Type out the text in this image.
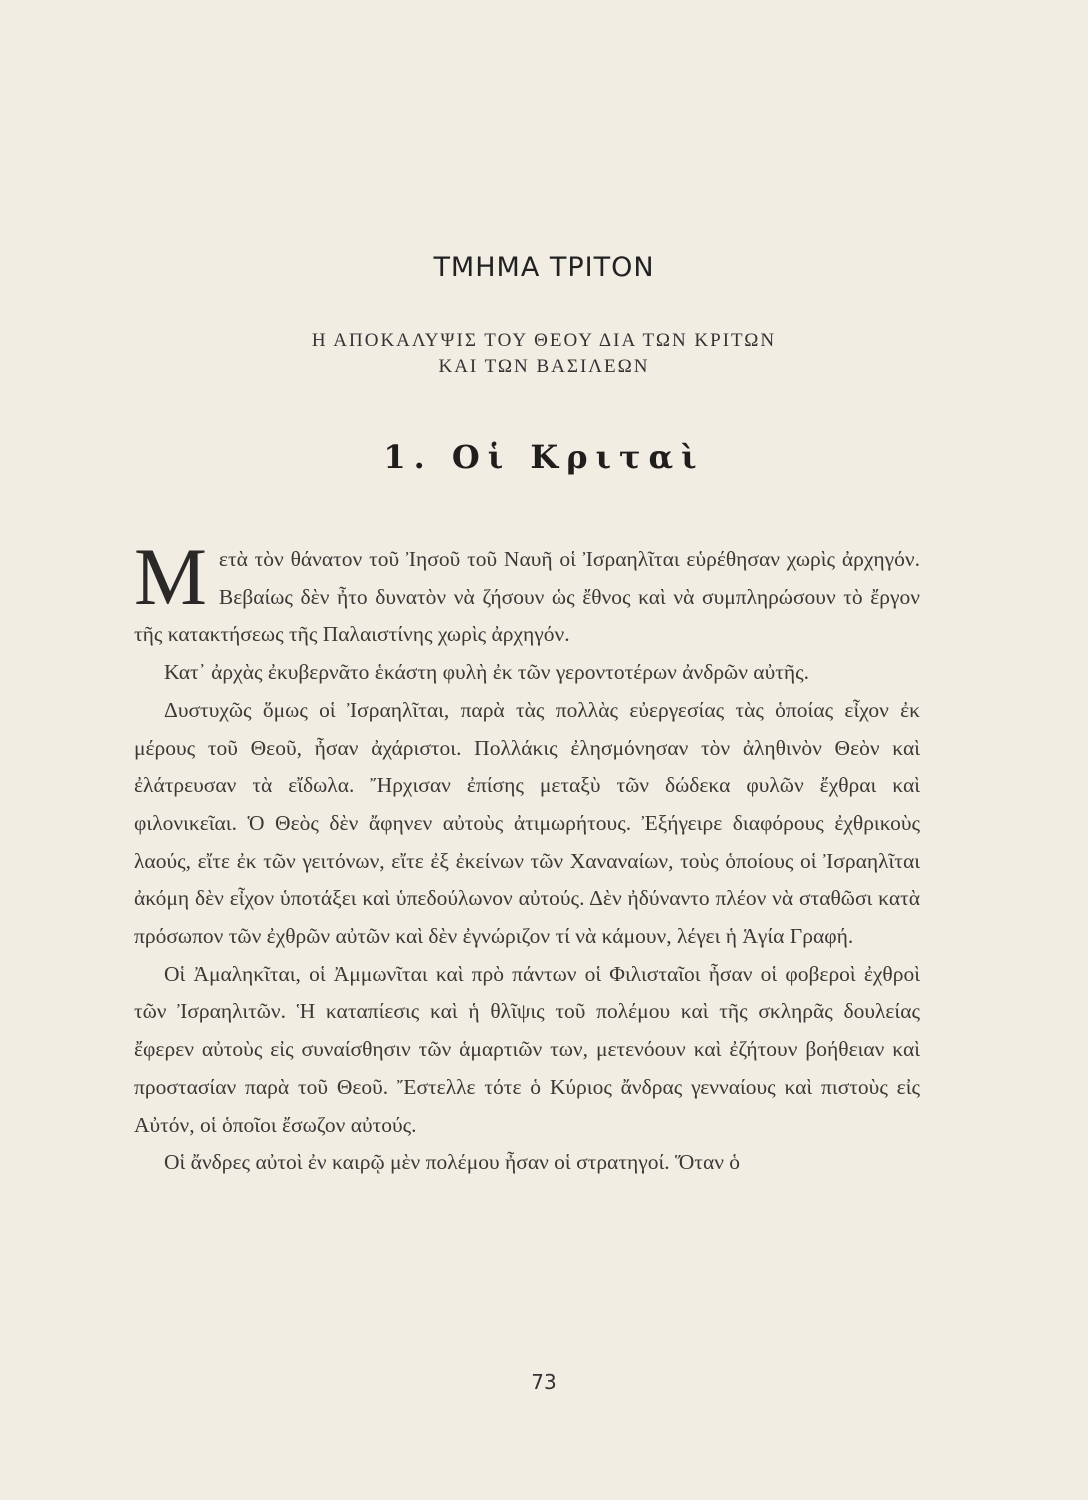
ΤΜΗΜΑ ΤΡΙΤΟΝ
Η ΑΠΟΚΑΛΥΨΙΣ ΤΟΥ ΘΕΟΥ ΔΙΑ ΤΩΝ ΚΡΙΤΩΝ
ΚΑΙ ΤΩΝ ΒΑΣΙΛΕΩΝ
1. Οἱ Κριταὶ

Μετὰ τὸν θάνατον τοῦ Ἰησοῦ τοῦ Ναυῆ οἱ Ἰσραηλῖται εὑρέθησαν χωρὶς ἀρχηγόν. Βεβαίως δὲν ἦτο δυνατὸν νὰ ζήσουν ὡς ἔθνος καὶ νὰ συμπληρώσουν τὸ ἔργον τῆς κατακτήσεως τῆς Παλαιστίνης χωρὶς ἀρχηγόν.

Κατ᾿ ἀρχὰς ἐκυβερνᾶτο ἑκάστη φυλὴ ἐκ τῶν γεροντοτέρων ἀνδρῶν αὐτῆς.

Δυστυχῶς ὅμως οἱ Ἰσραηλῖται, παρὰ τὰς πολλὰς εὐεργεσίας τὰς ὁποίας εἶχον ἐκ μέρους τοῦ Θεοῦ, ἦσαν ἀχάριστοι. Πολλάκις ἐλησμόνησαν τὸν ἀληθινὸν Θεὸν καὶ ἐλάτρευσαν τὰ εἴδωλα. Ἤρχισαν ἐπίσης μεταξὺ τῶν δώδεκα φυλῶν ἔχθραι καὶ φιλονικεῖαι. Ὁ Θεὸς δὲν ἄφηνεν αὐτοὺς ἀτιμωρήτους. Ἐξήγειρε διαφόρους ἐχθρικοὺς λαούς, εἴτε ἐκ τῶν γειτόνων, εἴτε ἐξ ἐκείνων τῶν Χαναναίων, τοὺς ὁποίους οἱ Ἰσραηλῖται ἀκόμη δὲν εἶχον ὑποτάξει καὶ ὑπεδούλωνον αὐτούς. Δὲν ἠδύναντο πλέον νὰ σταθῶσι κατὰ πρόσωπον τῶν ἐχθρῶν αὐτῶν καὶ δὲν ἐγνώριζον τί νὰ κάμουν, λέγει ἡ Ἁγία Γραφή.

Οἱ Ἀμαληκῖται, οἱ Ἀμμωνῖται καὶ πρὸ πάντων οἱ Φιλισταῖοι ἦσαν οἱ φοβεροὶ ἐχθροὶ τῶν Ἰσραηλιτῶν. Ἡ καταπίεσις καὶ ἡ θλῖψις τοῦ πολέμου καὶ τῆς σκληρᾶς δουλείας ἔφερεν αὐτοὺς εἰς συναίσθησιν τῶν ἁμαρτιῶν των, μετενόουν καὶ ἐζήτουν βοήθειαν καὶ προστασίαν παρὰ τοῦ Θεοῦ. Ἔστελλε τότε ὁ Κύριος ἄνδρας γενναίους καὶ πιστοὺς εἰς Αὐτόν, οἱ ὁποῖοι ἔσωζον αὐτούς.

Οἱ ἄνδρες αὐτοὶ ἐν καιρῷ μὲν πολέμου ἦσαν οἱ στρατηγοί. Ὅταν ὁ

73
